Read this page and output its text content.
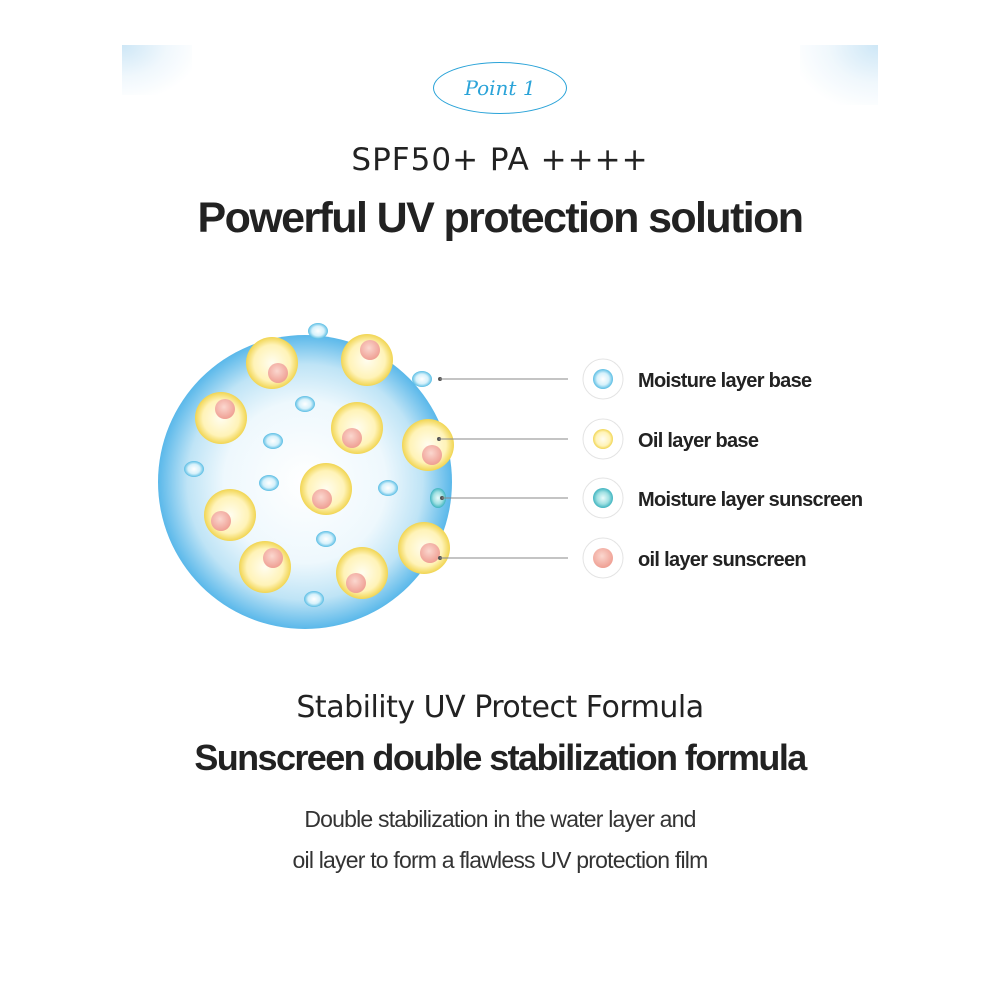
Point 1
SPF50+ PA ++++
Powerful UV protection solution
Moisture layer base
Oil layer base
Moisture layer sunscreen
oil layer sunscreen
Stability UV Protect Formula
Sunscreen double stabilization formula
Double stabilization in the water layer and
oil layer to form a flawless UV protection film
